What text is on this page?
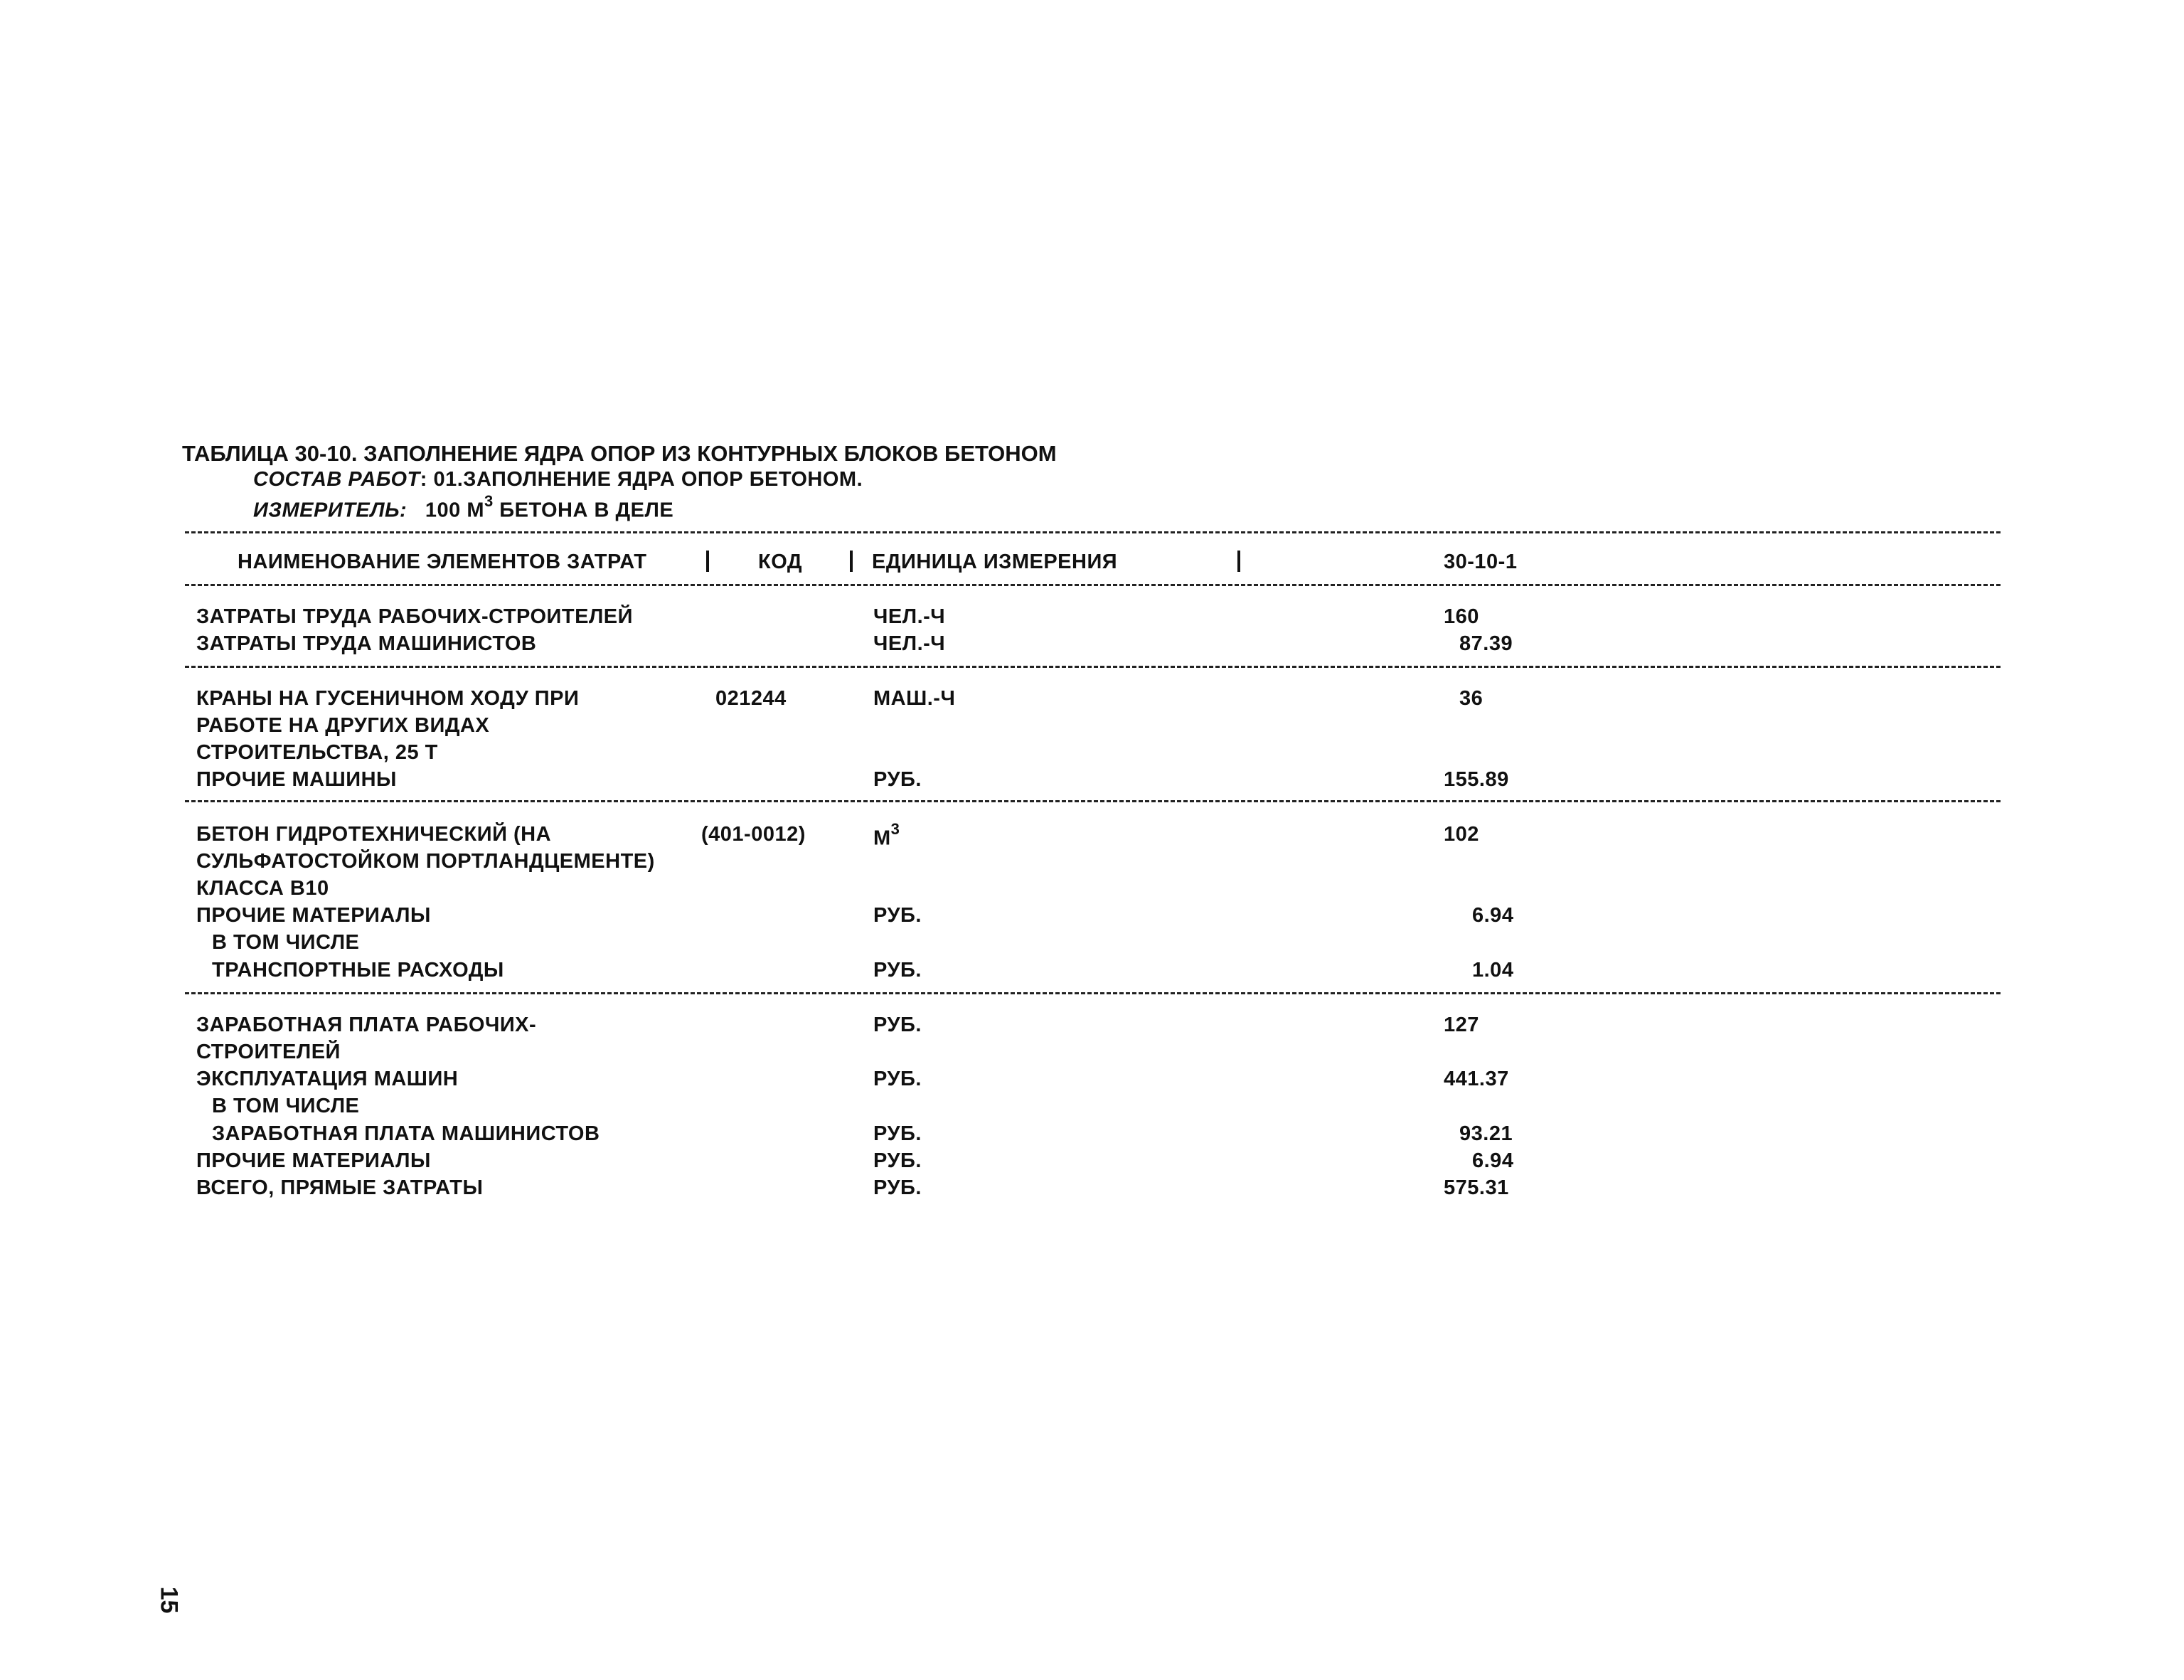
ТАБЛИЦА 30-10. ЗАПОЛНЕНИЕ ЯДРА ОПОР ИЗ КОНТУРНЫХ БЛОКОВ БЕТОНОМ
СОСТАВ РАБОТ: 01.ЗАПОЛНЕНИЕ ЯДРА ОПОР БЕТОНОМ.
ИЗМЕРИТЕЛЬ: 100 $М^3$ БЕТОНА В ДЕЛЕ
НАИМЕНОВАНИЕ ЭЛЕМЕНТОВ ЗАТРАТ	КОД	ЕДИНИЦА ИЗМЕРЕНИЯ	30-10-1
ЗАТРАТЫ ТРУДА РАБОЧИХ-СТРОИТЕЛЕЙ	ЧЕЛ.-Ч	160
ЗАТРАТЫ ТРУДА МАШИНИСТОВ	ЧЕЛ.-Ч	87.39
КРАНЫ НА ГУСЕНИЧНОМ ХОДУ ПРИ
РАБОТЕ НА ДРУГИХ ВИДАХ
СТРОИТЕЛЬСТВА, 25 Т
021244	МАШ.-Ч	36
ПРОЧИЕ МАШИНЫ	РУБ.	155.89
БЕТОН ГИДРОТЕХНИЧЕСКИЙ (НА
СУЛЬФАТОСТОЙКОМ ПОРТЛАНДЦЕМЕНТЕ)
КЛАССА В10
(401-0012)	$М^3$	102
ПРОЧИЕ МАТЕРИАЛЫ	РУБ.	6.94
В ТОМ ЧИСЛЕ
ТРАНСПОРТНЫЕ РАСХОДЫ	РУБ.	1.04
ЗАРАБОТНАЯ ПЛАТА РАБОЧИХ-
СТРОИТЕЛЕЙ
РУБ.	127
ЭКСПЛУАТАЦИЯ МАШИН	РУБ.	441.37
В ТОМ ЧИСЛЕ
ЗАРАБОТНАЯ ПЛАТА МАШИНИСТОВ	РУБ.	93.21
ПРОЧИЕ МАТЕРИАЛЫ	РУБ.	6.94
ВСЕГО, ПРЯМЫЕ ЗАТРАТЫ	РУБ.	575.31
15
